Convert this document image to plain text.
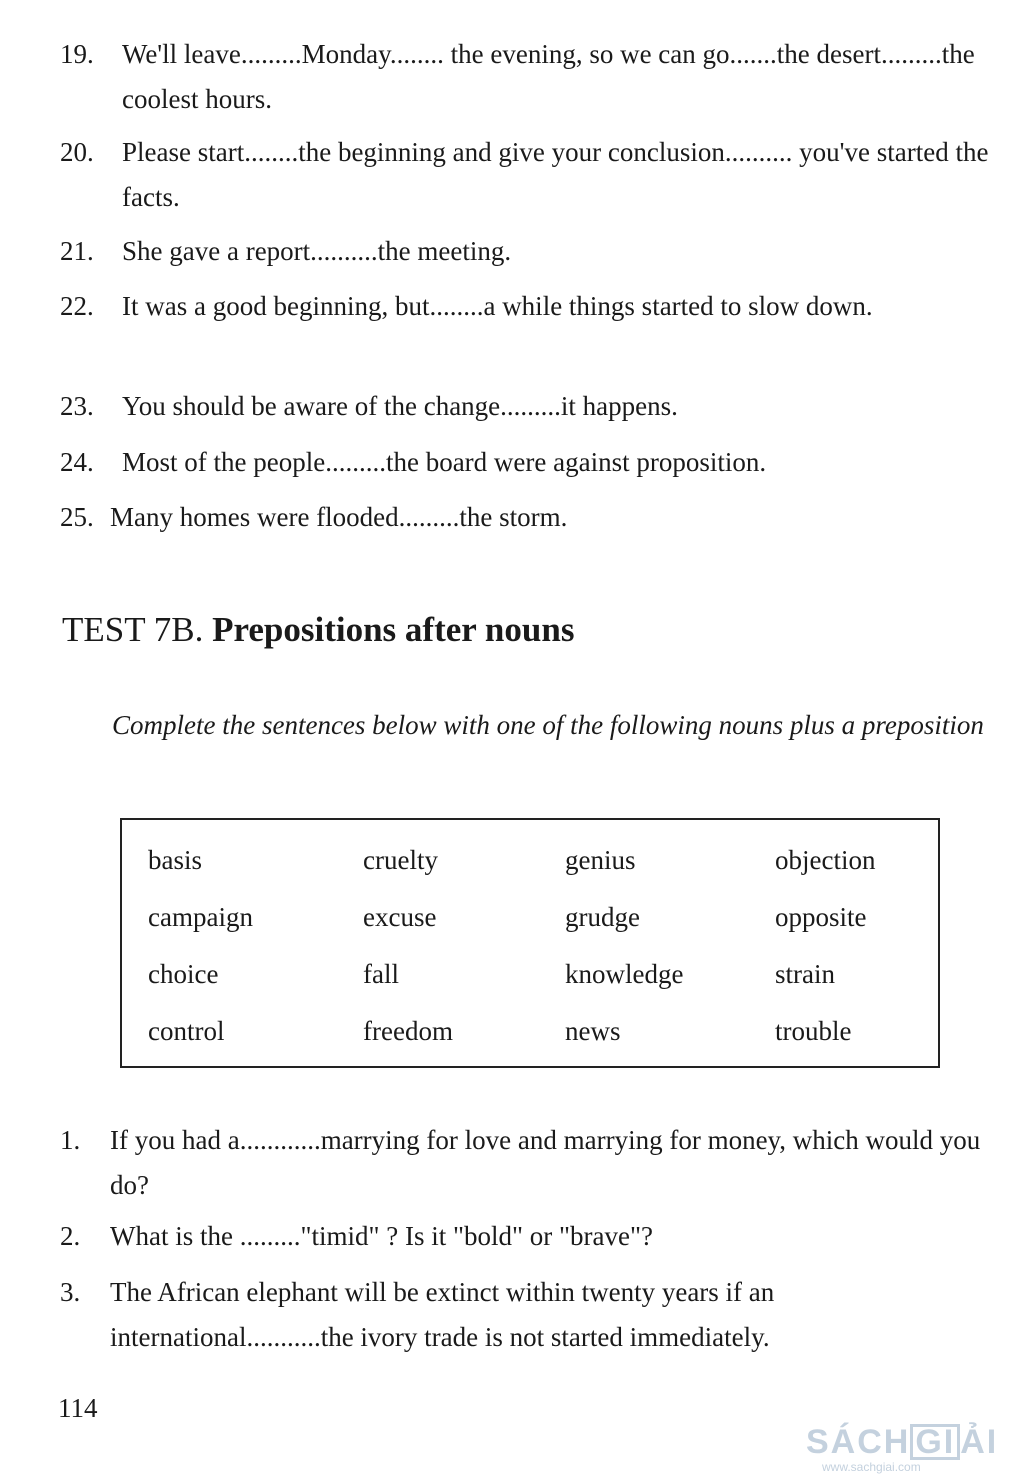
19. We'll leave.........Monday........ the evening, so we can go.......the desert.........the coolest hours.
20. Please start........the beginning and give your conclusion.......... you've started the facts.
21. She gave a report..........the meeting.
22. It was a good beginning, but........a while things started to slow down.
23. You should be aware of the change.........it happens.
24. Most of the people.........the board were against proposition.
25. Many homes were flooded.........the storm.
TEST 7B. Prepositions after nouns
Complete the sentences below with one of the following nouns plus a preposition
basis	cruelty	genius	objection
campaign	excuse	grudge	opposite
choice	fall	knowledge	strain
control	freedom	news	trouble
1. If you had a............marrying for love and marrying for money, which would you do?
2. What is the ........."timid" ? Is it "bold" or "brave"?
3. The African elephant will be extinct within twenty years if an international...........the ivory trade is not started immediately.
114
SÁCH GI ẢI
www.sachgiai.com
